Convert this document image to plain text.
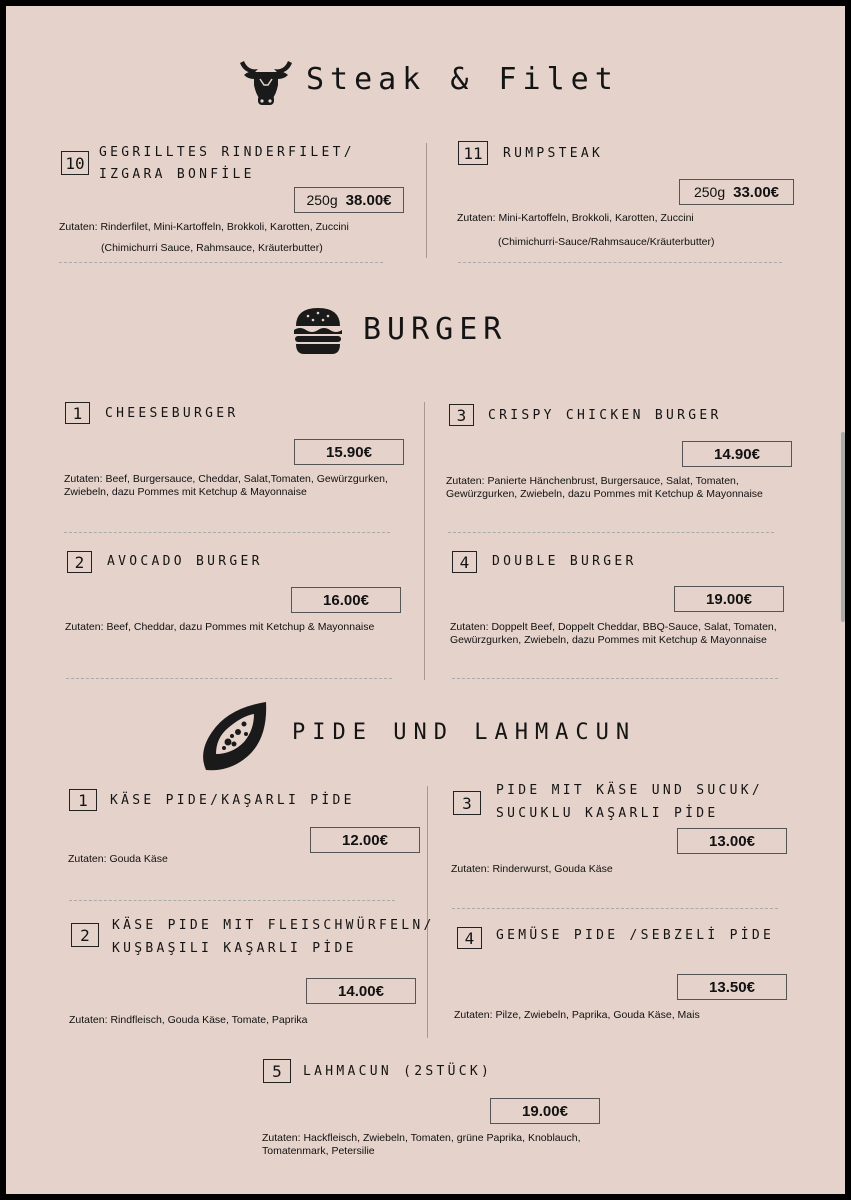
Steak & Filet
10
GEGRILLTES RINDERFILET/
IZGARA BONFİLE
250g 38.00€
Zutaten: Rinderfilet, Mini-Kartoffeln, Brokkoli, Karotten, Zuccini
(Chimichurri Sauce, Rahmsauce, Kräuterbutter)
11	RUMPSTEAK
250g 33.00€
Zutaten: Mini-Kartoffeln, Brokkoli, Karotten, Zuccini
(Chimichurri-Sauce/Rahmsauce/Kräuterbutter)
BURGER
1	CHEESEBURGER
15.90€
Zutaten: Beef, Burgersauce, Cheddar, Salat,Tomaten, Gewürzgurken,
Zwiebeln, dazu Pommes mit Ketchup & Mayonnaise
3	CRISPY CHICKEN BURGER
14.90€
Zutaten: Panierte Hänchenbrust, Burgersauce, Salat, Tomaten,
Gewürzgurken, Zwiebeln, dazu Pommes mit Ketchup & Mayonnaise
2	AVOCADO BURGER
16.00€
Zutaten: Beef, Cheddar, dazu Pommes mit Ketchup & Mayonnaise
4	DOUBLE BURGER
19.00€
Zutaten: Doppelt Beef, Doppelt Cheddar, BBQ-Sauce, Salat, Tomaten,
Gewürzgurken, Zwiebeln, dazu Pommes mit Ketchup & Mayonnaise
PIDE UND LAHMACUN
1	KÄSE PIDE/KAŞARLI PİDE
12.00€
Zutaten: Gouda Käse
3
PIDE MIT KÄSE UND SUCUK/
SUCUKLU KAŞARLI PİDE
13.00€
Zutaten: Rinderwurst, Gouda Käse
2	KÄSE PIDE MIT FLEISCHWÜRFELN/
KUŞBAŞILI KAŞARLI PİDE
14.00€
Zutaten: Rindfleisch, Gouda Käse, Tomate, Paprika
4	GEMÜSE PIDE /SEBZELİ PİDE
13.50€
Zutaten: Pilze, Zwiebeln, Paprika, Gouda Käse, Mais
5	LAHMACUN (2STÜCK)
19.00€
Zutaten: Hackfleisch, Zwiebeln, Tomaten, grüne Paprika, Knoblauch,
Tomatenmark, Petersilie
